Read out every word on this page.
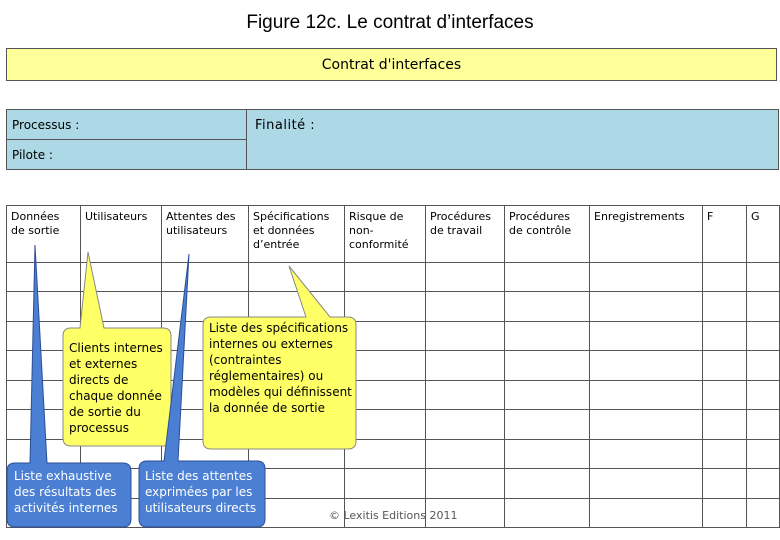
Figure 12c. Le contrat d’interfaces
Contrat d'interfaces
Processus :
Pilote :
Finalité :
Données de sortie	Utilisateurs	Attentes des utilisateurs	Spécifications et données d’entrée	Risque de non-conformité	Procédures de travail	Procédures de contrôle	Enregistrements	F	G

Clients internes et externes directs de chaque donnée de sortie du processus
Liste des spécifications internes ou externes (contraintes réglementaires) ou modèles qui définissent la donnée de sortie
Liste exhaustive des résultats des activités internes
Liste des attentes exprimées par les utilisateurs directs
© Lexitis Editions 2011
